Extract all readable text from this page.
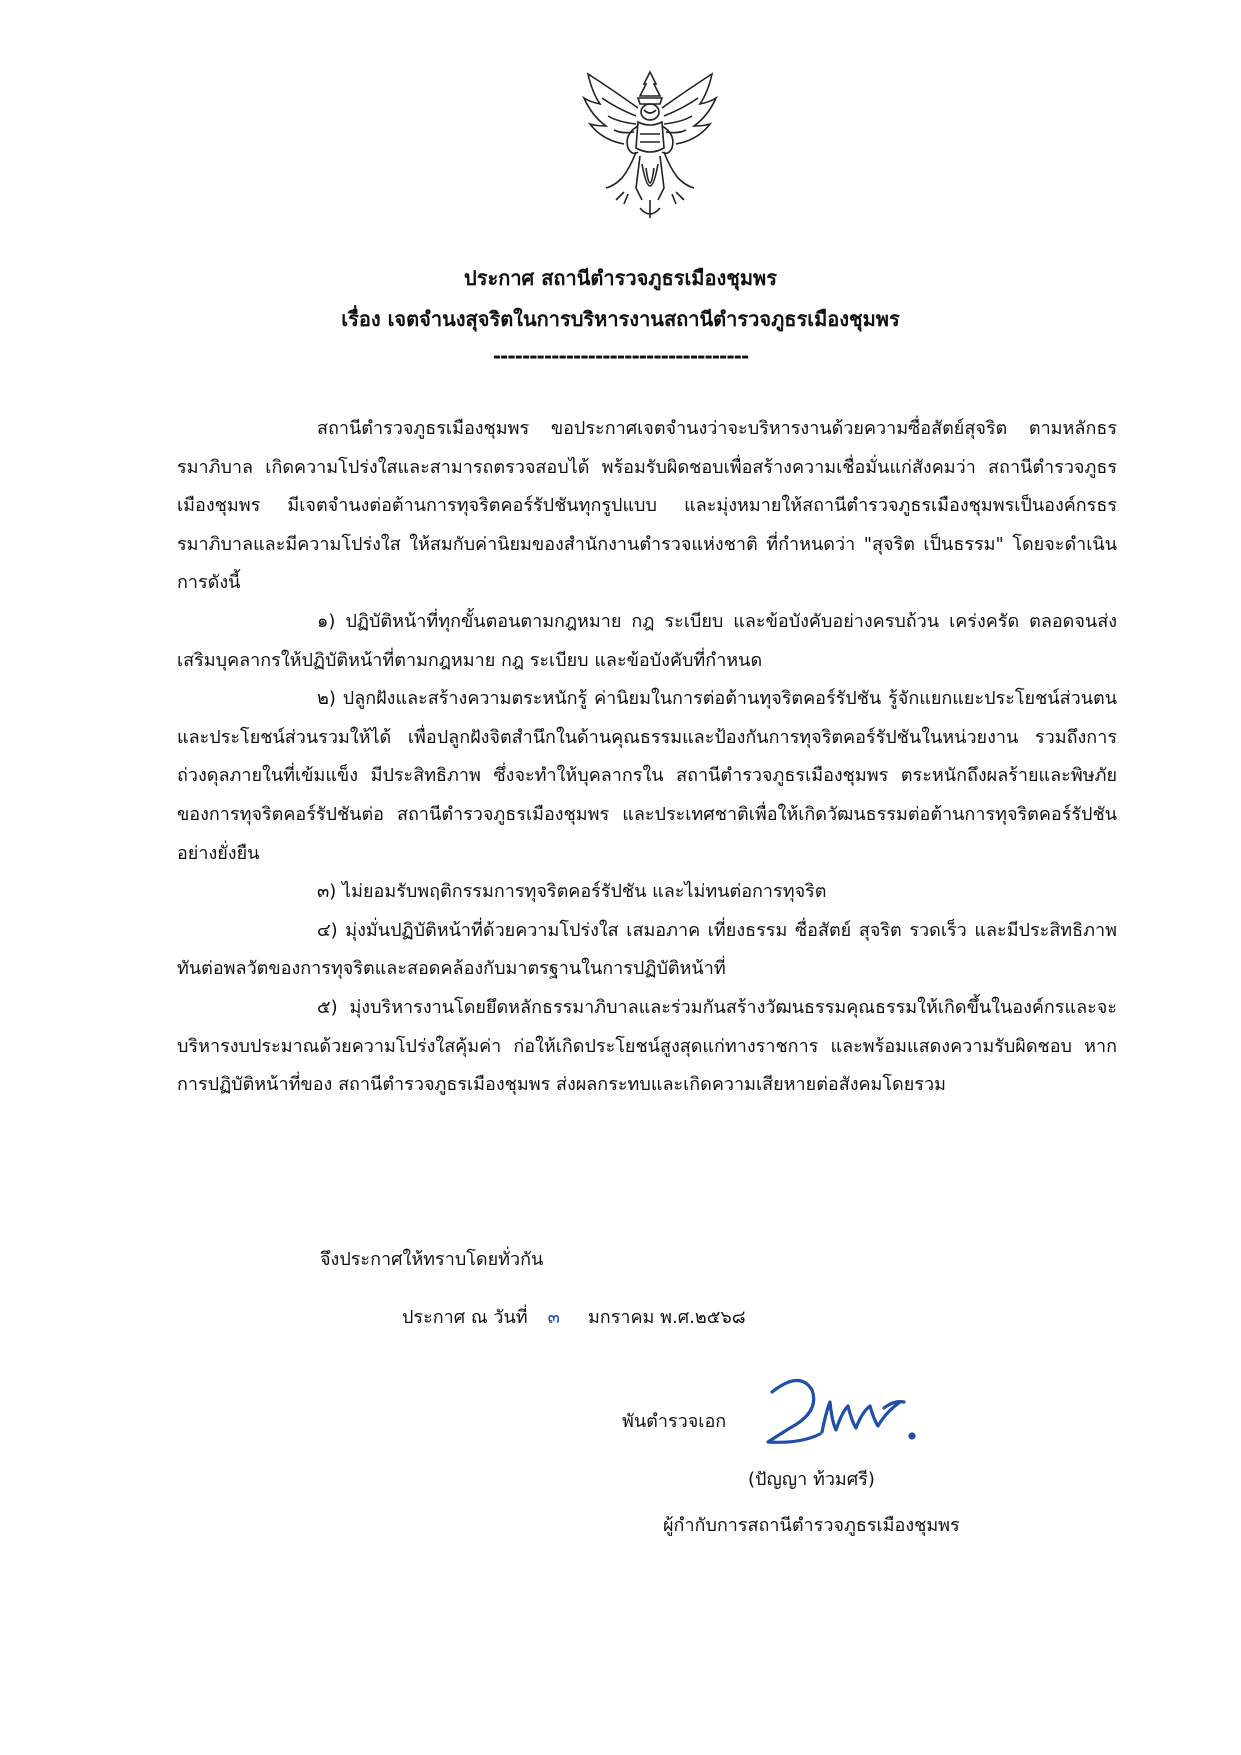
ประกาศ สถานีตำรวจภูธรเมืองชุมพร
เรื่อง เจตจำนงสุจริตในการบริหารงานสถานีตำรวจภูธรเมืองชุมพร
-----------------------------------

สถานีตำรวจภูธรเมืองชุมพร ขอประกาศเจตจำนงว่าจะบริหารงานด้วยความซื่อสัตย์สุจริต ตามหลักธรรมาภิบาล เกิดความโปร่งใสและสามารถตรวจสอบได้ พร้อมรับผิดชอบเพื่อสร้างความเชื่อมั่นแก่สังคมว่า สถานีตำรวจภูธรเมืองชุมพร มีเจตจำนงต่อต้านการทุจริตคอร์รัปชันทุกรูปแบบ และมุ่งหมายให้สถานีตำรวจภูธรเมืองชุมพรเป็นองค์กรธรรมาภิบาลและมีความโปร่งใส ให้สมกับค่านิยมของสำนักงานตำรวจแห่งชาติ ที่กำหนดว่า "สุจริต เป็นธรรม" โดยจะดำเนินการดังนี้

๑) ปฏิบัติหน้าที่ทุกขั้นตอนตามกฎหมาย กฎ ระเบียบ และข้อบังคับอย่างครบถ้วน เคร่งครัด ตลอดจนส่งเสริมบุคลากรให้ปฏิบัติหน้าที่ตามกฎหมาย กฎ ระเบียบ และข้อบังคับที่กำหนด

๒) ปลูกฝังและสร้างความตระหนักรู้ ค่านิยมในการต่อต้านทุจริตคอร์รัปชัน รู้จักแยกแยะประโยชน์ส่วนตนและประโยชน์ส่วนรวมให้ได้ เพื่อปลูกฝังจิตสำนึกในด้านคุณธรรมและป้องกันการทุจริตคอร์รัปชันในหน่วยงาน รวมถึงการถ่วงดุลภายในที่เข้มแข็ง มีประสิทธิภาพ ซึ่งจะทำให้บุคลากรใน สถานีตำรวจภูธรเมืองชุมพร ตระหนักถึงผลร้ายและพิษภัยของการทุจริตคอร์รัปชันต่อ สถานีตำรวจภูธรเมืองชุมพร และประเทศชาติเพื่อให้เกิดวัฒนธรรมต่อต้านการทุจริตคอร์รัปชันอย่างยั่งยืน

๓) ไม่ยอมรับพฤติกรรมการทุจริตคอร์รัปชัน และไม่ทนต่อการทุจริต

๔) มุ่งมั่นปฏิบัติหน้าที่ด้วยความโปร่งใส เสมอภาค เที่ยงธรรม ซื่อสัตย์ สุจริต รวดเร็ว และมีประสิทธิภาพ ทันต่อพลวัตของการทุจริตและสอดคล้องกับมาตรฐานในการปฏิบัติหน้าที่

๕) มุ่งบริหารงานโดยยึดหลักธรรมาภิบาลและร่วมกันสร้างวัฒนธรรมคุณธรรมให้เกิดขึ้นในองค์กรและจะบริหารงบประมาณด้วยความโปร่งใสคุ้มค่า ก่อให้เกิดประโยชน์สูงสุดแก่ทางราชการ และพร้อมแสดงความรับผิดชอบ หากการปฏิบัติหน้าที่ของ สถานีตำรวจภูธรเมืองชุมพร ส่งผลกระทบและเกิดความเสียหายต่อสังคมโดยรวม

จึงประกาศให้ทราบโดยทั่วกัน
ประกาศ ณ วันที่ ๓ มกราคม พ.ศ.๒๕๖๘
พันตำรวจเอก
(ปัญญา ท้วมศรี)
ผู้กำกับการสถานีตำรวจภูธรเมืองชุมพร
